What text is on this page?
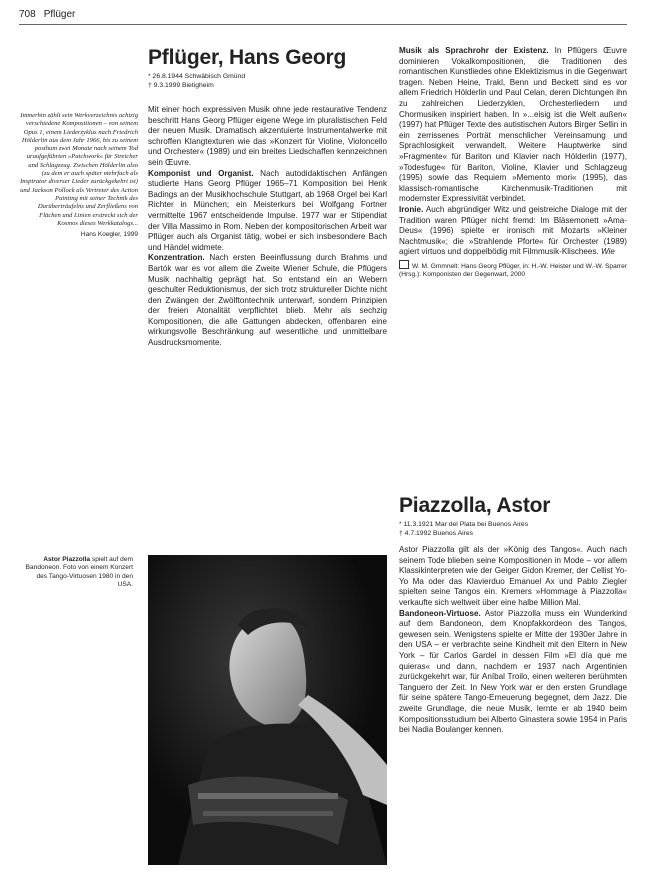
708 Pflüger
Immerhin zählt sein Werkverzeichnis achtzig verschiedene Kompositionen – von seinem Opus 1, einem Liederzyklus nach Friedrich Hölderlin aus dem Jahr 1966, bis zu seinem posthum zwei Monate nach seinem Tod uraufgeführten »Patchwork« für Streicher und Schlagzeug. Zwischen Hölderlin also (zu dem er auch später mehrfach als Inspirator diverser Lieder zurückgekehrt ist) und Jackson Pollock als Vertreter des Action Painting mit seiner Technik des Darüberträufelns und Zerfließens von Flächen und Linien erstreckt sich der Kosmos dieses Werkkatalogs...
Hans Koegler, 1999
Pflüger, Hans Georg
* 26.8.1944 Schwäbisch Gmünd
† 9.3.1999 Bietigheim

Mit einer hoch expressiven Musik ohne jede restaurative Tendenz beschritt Hans Georg Pflüger eigene Wege im pluralistischen Feld der neuen Musik. Dramatisch akzentuierte Instrumentalwerke mit schroffen Klangtexturen wie das »Konzert für Violine, Violoncello und Orchester« (1989) und ein breites Liedschaffen kennzeichnen sein Œuvre.

Komponist und Organist. Nach autodidaktischen Anfängen studierte Hans Georg Pflüger 1965–71 Komposition bei Henk Badings an der Musikhochschule Stuttgart, ab 1968 Orgel bei Karl Richter in München; ein Meisterkurs bei Wolfgang Fortner vermittelte 1967 entscheidende Impulse. 1977 war er Stipendiat der Villa Massimo in Rom. Neben der kompositorischen Arbeit war Pflüger auch als Organist tätig, wobei er sich insbesondere Bach und Händel widmete.

Konzentration. Nach ersten Beeinflussung durch Brahms und Bartók war es vor allem die Zweite Wiener Schule, die Pflügers Musik nachhaltig geprägt hat. So entstand ein an Webern geschulter Reduktionismus, der sich trotz struktureller Dichte nicht den Zwängen der Zwölftontechnik unterwarf, sondern Prinzipien der freien Atonalität verpflichtet blieb. Mehr als sechzig Kompositionen, die alle Gattungen abdecken, offenbaren eine wirkungsvolle Beschränkung auf wesentliche und unmittelbare Ausdrucksmomente.

Musik als Sprachrohr der Existenz. In Pflügers Œuvre dominieren Vokalkompositionen, die Traditionen des romantischen Kunstliedes ohne Eklektizismus in die Gegenwart tragen. Neben Heine, Trakl, Benn und Beckett sind es vor allem Friedrich Hölderlin und Paul Celan, deren Dichtungen ihn zu zahlreichen Liederzyklen, Orchesterliedern und Chormusiken inspiriert haben. In »...eisig ist die Welt außen« (1997) hat Pflüger Texte des autistischen Autors Birger Sellin in ein zerrissenes Porträt menschlicher Vereinsamung und Sprachlosigkeit verwandelt. Weitere Hauptwerke sind »Fragmente« für Bariton und Klavier nach Hölderlin (1977), »Todesfuge« für Bariton, Violine, Klavier und Schlagzeug (1995) sowie das Requiem »Memento mori« (1995), das klassisch-romantische Kirchenmusik-Traditionen mit modernster Expressivität verbindet.

Ironie. Auch abgründiger Witz und geistreiche Dialoge mit der Tradition waren Pflüger nicht fremd: Im Bläsemonett »Ama-Deus« (1996) spielte er ironisch mit Mozarts »Kleiner Nachtmusik«; die »Strahlende Pforte« für Orchester (1989) agiert virtuos und doppelbödig mit Filmmusik-Klischees. Wie

W. M. Gmmnelt: Hans Georg Pflüger, in: H.-W. Heister und W.-W. Sparrer (Hrsg.): Komponisten der Gegenwart, 2000
Piazzolla, Astor
* 11.3.1921 Mar del Plata bei Buenos Aires
† 4.7.1992 Buenos Aires

Astor Piazzolla gilt als der »König des Tangos«. Auch nach seinem Tode blieben seine Kompositionen in Mode – vor allem Klassikinterpreten wie der Geiger Gidon Kremer, der Cellist Yo-Yo Ma oder das Klavierduo Emanuel Ax und Pablo Ziegler spielten seine Tangos ein. Kremers »Hommage à Piazzolla« verkaufte sich weltweit über eine halbe Million Mal.

Bandoneon-Virtuose. Astor Piazzolla muss ein Wunderkind auf dem Bandoneon, dem Knopfakkordeon des Tangos, gewesen sein. Wenigstens spielte er Mitte der 1930er Jahre in den USA – er verbrachte seine Kindheit mit den Eltern in New York – für Carlos Gardel in dessen Film »El día que me quieras« und dann, nachdem er 1937 nach Argentinien zurückgekehrt war, für Aníbal Troilo, einen weiteren berühmten Tanguero der Zeit. In New York war er den ersten Grundlage für seine spätere Tango-Erneuerung begegnet, dem Jazz. Die zweite Grundlage, die neue Musik, lernte er ab 1940 beim Kompositionsstudium bei Alberto Ginastera sowie 1954 in Paris bei Nadia Boulanger kennen.

Astor Piazzolla spielt auf dem Bandoneon. Foto von einem Konzert des Tango-Virtuosen 1980 in den USA.
